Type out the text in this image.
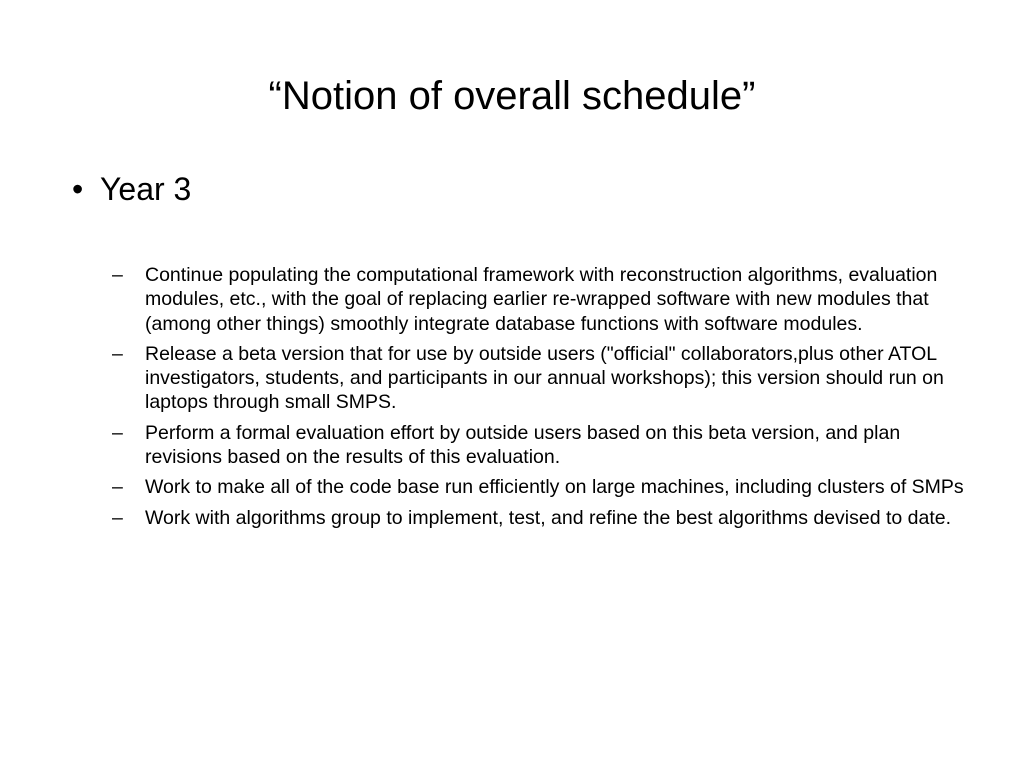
“Notion of overall schedule”
• Year 3
–	Continue populating the computational framework with reconstruction algorithms, evaluation modules, etc., with the goal of replacing earlier re-wrapped software with new modules that (among other things) smoothly integrate database functions with software modules.
–	Release a beta version that for use by outside users ("official" collaborators,plus other ATOL investigators, students, and participants in our annual workshops); this version should run on laptops through small SMPS.
–	Perform a formal evaluation effort by outside users based on this beta version, and plan revisions based on the results of this evaluation.
–	Work to make all of the code base run efficiently on large machines, including clusters of SMPs
–	Work with algorithms group to implement, test, and refine the best algorithms devised to date.
